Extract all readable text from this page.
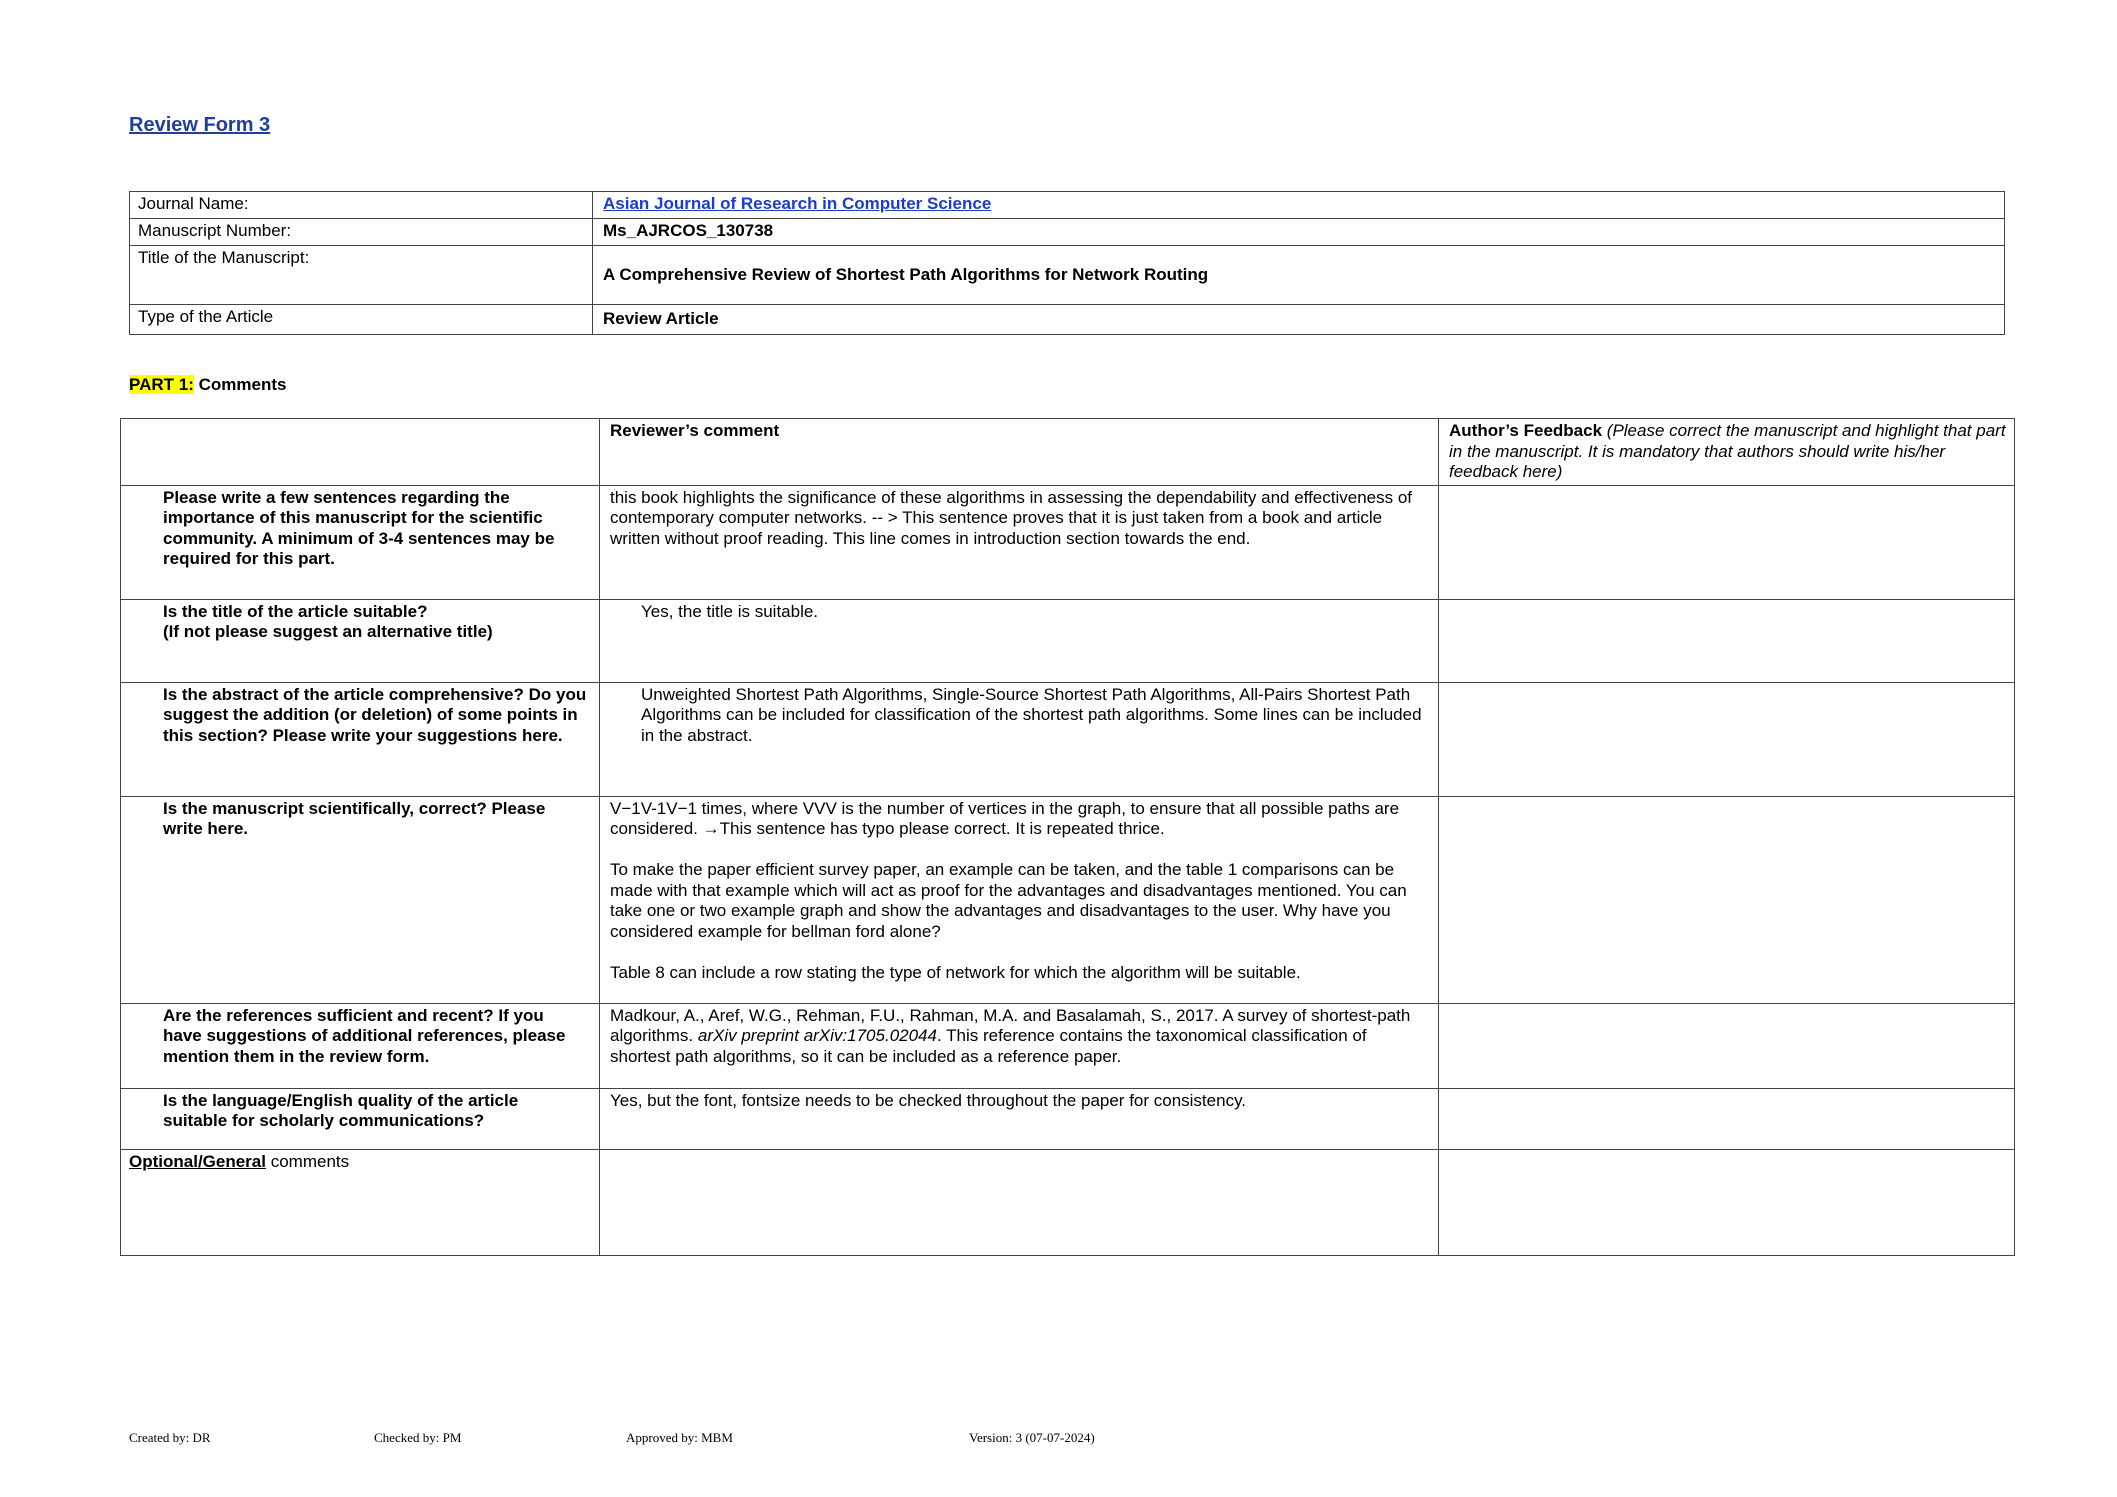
Review Form 3
Journal Name:	Asian Journal of Research in Computer Science
Manuscript Number:	Ms_AJRCOS_130738
Title of the Manuscript:	A Comprehensive Review of Shortest Path Algorithms for Network Routing
Type of the Article	Review Article
PART 1: Comments
	Reviewer’s comment	Author’s Feedback (Please correct the manuscript and highlight that part in the manuscript. It is mandatory that authors should write his/her feedback here)
Please write a few sentences regarding the importance of this manuscript for the scientific community. A minimum of 3-4 sentences may be required for this part.	this book highlights the significance of these algorithms in assessing the dependability and effectiveness of contemporary computer networks. -- > This sentence proves that it is just taken from a book and article written without proof reading. This line comes in introduction section towards the end.	

Is the title of the article suitable?
(If not please suggest an alternative title)	Yes, the title is suitable.	

Is the abstract of the article comprehensive? Do you suggest the addition (or deletion) of some points in this section? Please write your suggestions here.	Unweighted Shortest Path Algorithms, Single-Source Shortest Path Algorithms, All-Pairs Shortest Path Algorithms can be included for classification of the shortest path algorithms. Some lines can be included in the abstract.	

Is the manuscript scientifically, correct? Please write here.	V−1V-1V−1 times, where VVV is the number of vertices in the graph, to ensure that all possible paths are considered. →This sentence has typo please correct. It is repeated thrice.

To make the paper efficient survey paper, an example can be taken, and the table 1 comparisons can be made with that example which will act as proof for the advantages and disadvantages mentioned. You can take one or two example graph and show the advantages and disadvantages to the user. Why have you considered example for bellman ford alone?

Table 8 can include a row stating the type of network for which the algorithm will be suitable.	

Are the references sufficient and recent? If you have suggestions of additional references, please mention them in the review form.	Madkour, A., Aref, W.G., Rehman, F.U., Rahman, M.A. and Basalamah, S., 2017. A survey of shortest-path algorithms. arXiv preprint arXiv:1705.02044. This reference contains the taxonomical classification of shortest path algorithms, so it can be included as a reference paper.	
Is the language/English quality of the article suitable for scholarly communications?	Yes, but the font, fontsize needs to be checked throughout the paper for consistency.	

Optional/General comments		
Created by: DR	Checked by: PM	Approved by: MBM	Version: 3 (07-07-2024)
